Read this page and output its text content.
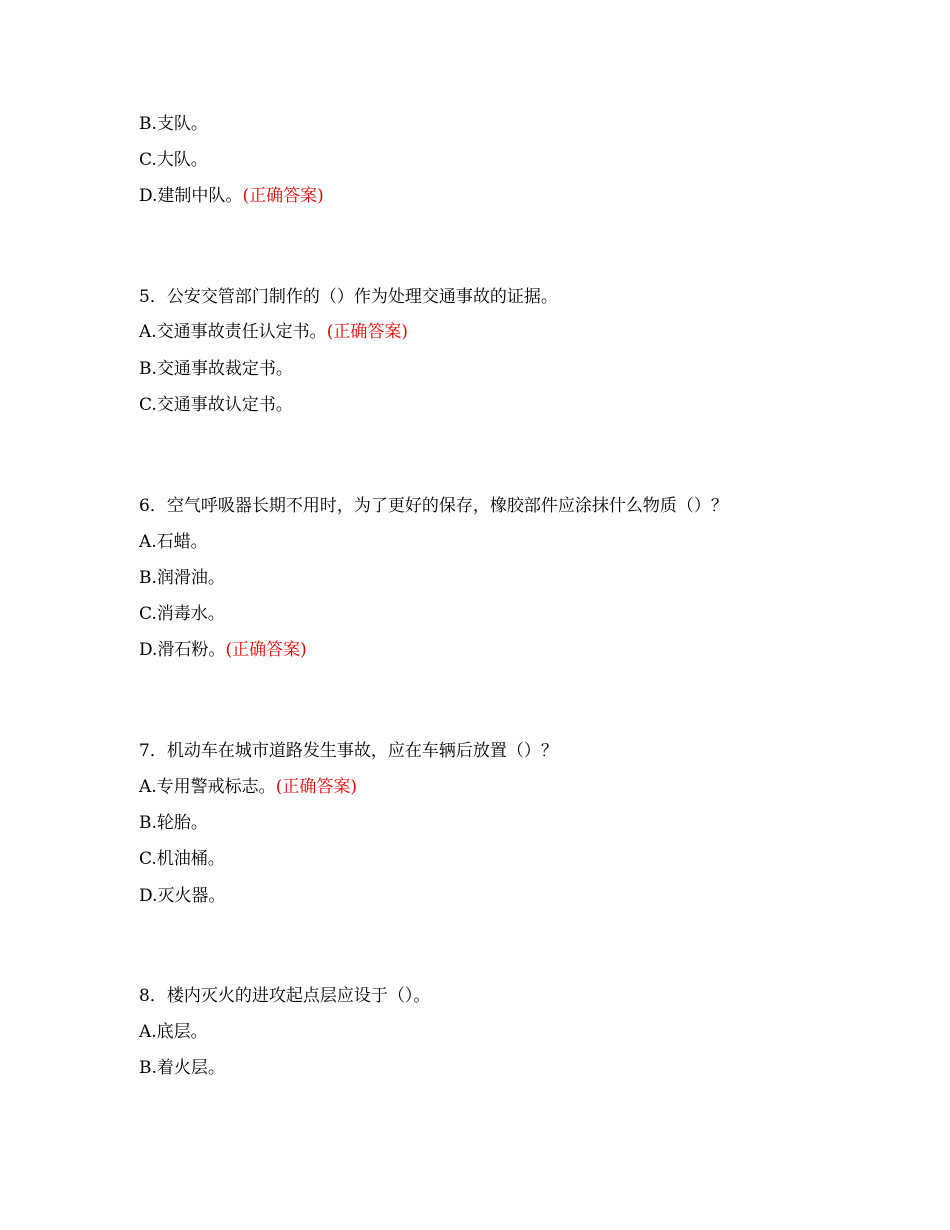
B.支队。
C.大队。
D.建制中队。(正确答案)
5．公安交管部门制作的（）作为处理交通事故的证据。
A.交通事故责任认定书。(正确答案)
B.交通事故裁定书。
C.交通事故认定书。
6．空气呼吸器长期不用时，为了更好的保存，橡胶部件应涂抹什么物质（）？
A.石蜡。
B.润滑油。
C.消毒水。
D.滑石粉。(正确答案)
7．机动车在城市道路发生事故，应在车辆后放置（）？
A.专用警戒标志。(正确答案)
B.轮胎。
C.机油桶。
D.灭火器。
8．楼内灭火的进攻起点层应设于（）。
A.底层。
B.着火层。
